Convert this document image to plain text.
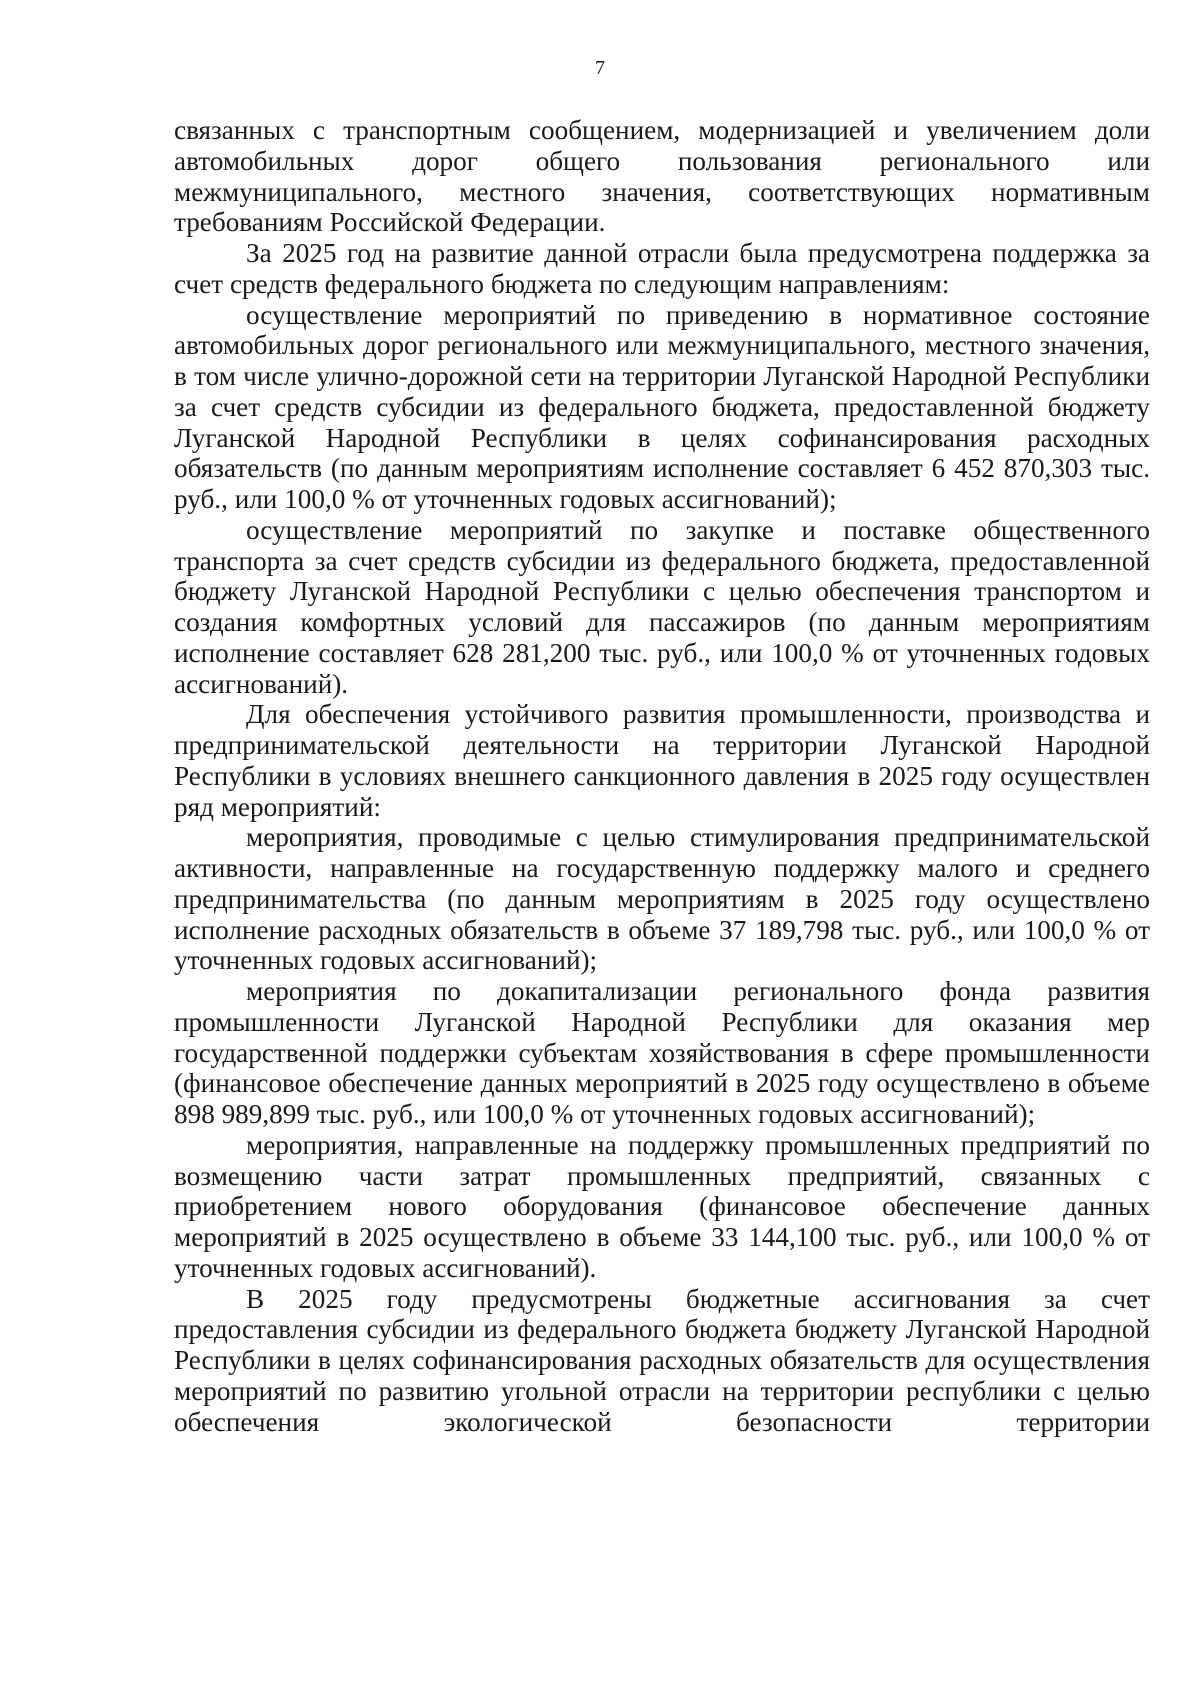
7

связанных с транспортным сообщением, модернизацией и увеличением доли автомобильных дорог общего пользования регионального или межмуниципального, местного значения, соответствующих нормативным требованиям Российской Федерации.

За 2025 год на развитие данной отрасли была предусмотрена поддержка за счет средств федерального бюджета по следующим направлениям:

осуществление мероприятий по приведению в нормативное состояние автомобильных дорог регионального или межмуниципального, местного значения, в том числе улично-дорожной сети на территории Луганской Народной Республики за счет средств субсидии из федерального бюджета, предоставленной бюджету Луганской Народной Республики в целях софинансирования расходных обязательств (по данным мероприятиям исполнение составляет 6 452 870,303 тыс. руб., или 100,0 % от уточненных годовых ассигнований);

осуществление мероприятий по закупке и поставке общественного транспорта за счет средств субсидии из федерального бюджета, предоставленной бюджету Луганской Народной Республики с целью обеспечения транспортом и создания комфортных условий для пассажиров (по данным мероприятиям исполнение составляет 628 281,200 тыс. руб., или 100,0 % от уточненных годовых ассигнований).

Для обеспечения устойчивого развития промышленности, производства и предпринимательской деятельности на территории Луганской Народной Республики в условиях внешнего санкционного давления в 2025 году осуществлен ряд мероприятий:

мероприятия, проводимые с целью стимулирования предпринимательской активности, направленные на государственную поддержку малого и среднего предпринимательства (по данным мероприятиям в 2025 году осуществлено исполнение расходных обязательств в объеме 37 189,798 тыс. руб., или 100,0 % от уточненных годовых ассигнований);

мероприятия по докапитализации регионального фонда развития промышленности Луганской Народной Республики для оказания мер государственной поддержки субъектам хозяйствования в сфере промышленности (финансовое обеспечение данных мероприятий в 2025 году осуществлено в объеме 898 989,899 тыс. руб., или 100,0 % от уточненных годовых ассигнований);

мероприятия, направленные на поддержку промышленных предприятий по возмещению части затрат промышленных предприятий, связанных с приобретением нового оборудования (финансовое обеспечение данных мероприятий в 2025 осуществлено в объеме 33 144,100 тыс. руб., или 100,0 % от уточненных годовых ассигнований).

В 2025 году предусмотрены бюджетные ассигнования за счет предоставления субсидии из федерального бюджета бюджету Луганской Народной Республики в целях софинансирования расходных обязательств для осуществления мероприятий по развитию угольной отрасли на территории республики с целью обеспечения экологической безопасности территории
